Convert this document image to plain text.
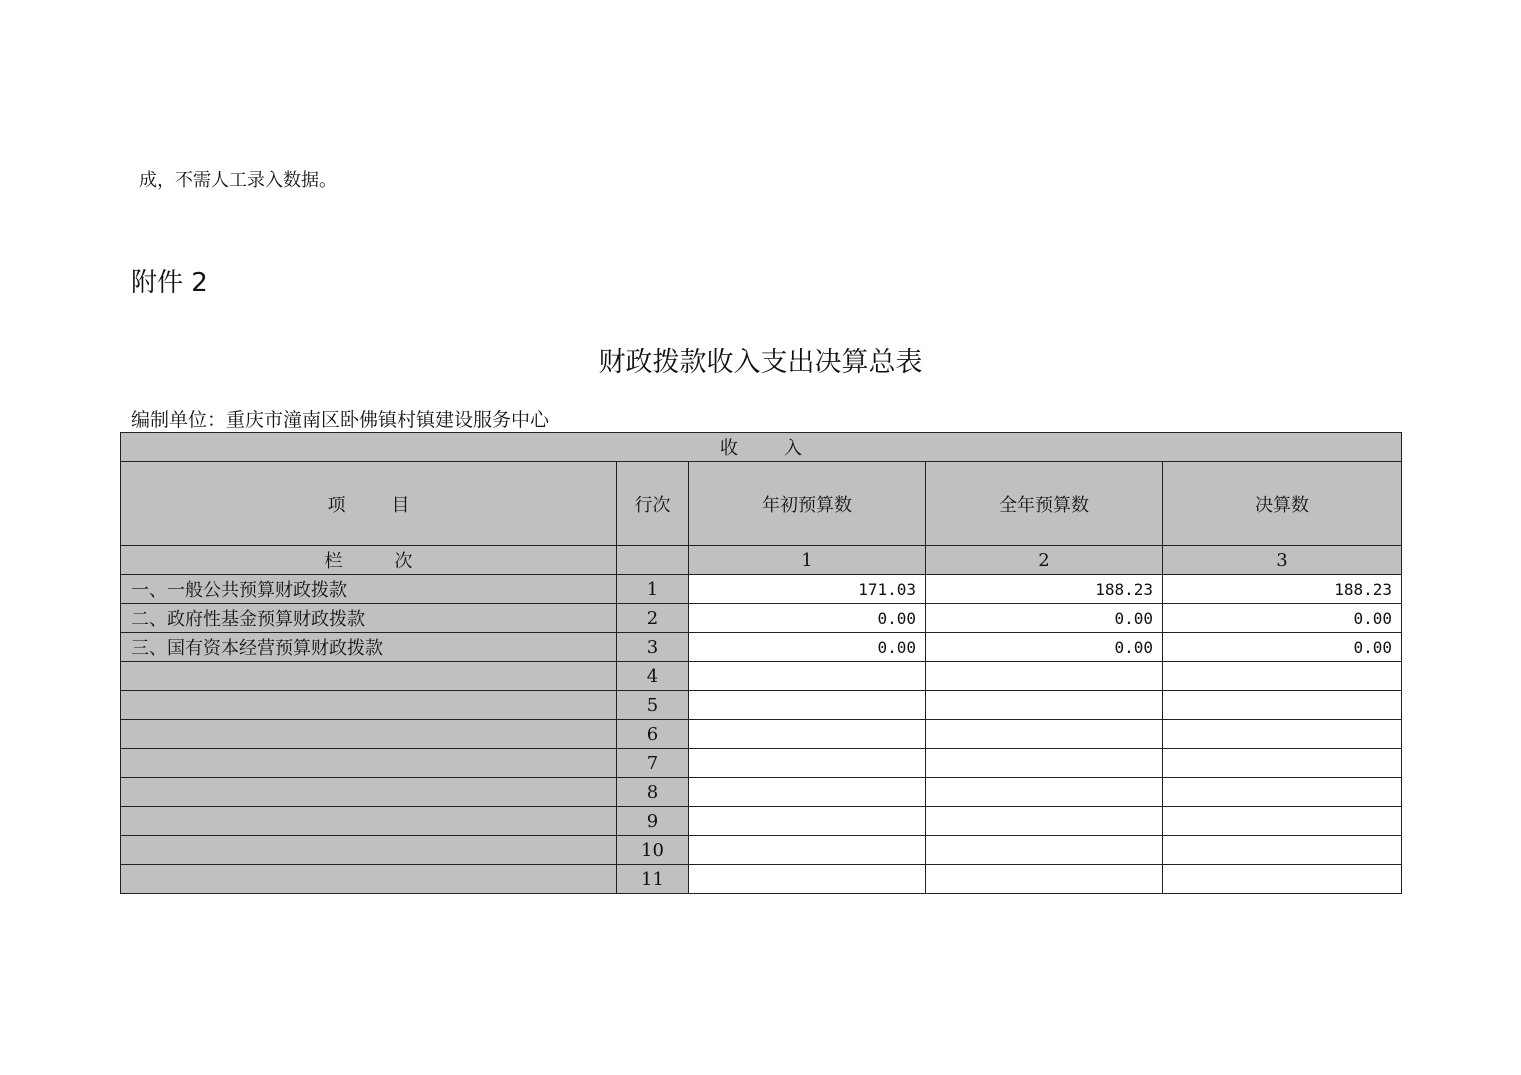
成，不需人工录入数据。
附件 2
财政拨款收入支出决算总表
编制单位：重庆市潼南区卧佛镇村镇建设服务中心
收 入				
项 目	行次	年初预算数	全年预算数	决算数
栏 次		1	2	3
一、一般公共预算财政拨款	1	171.03	188.23	188.23
二、政府性基金预算财政拨款	2	0.00	0.00	0.00
三、国有资本经营预算财政拨款	3	0.00	0.00	0.00
	4			
	5			
	6			
	7			
	8			
	9			
	10			
	11			
